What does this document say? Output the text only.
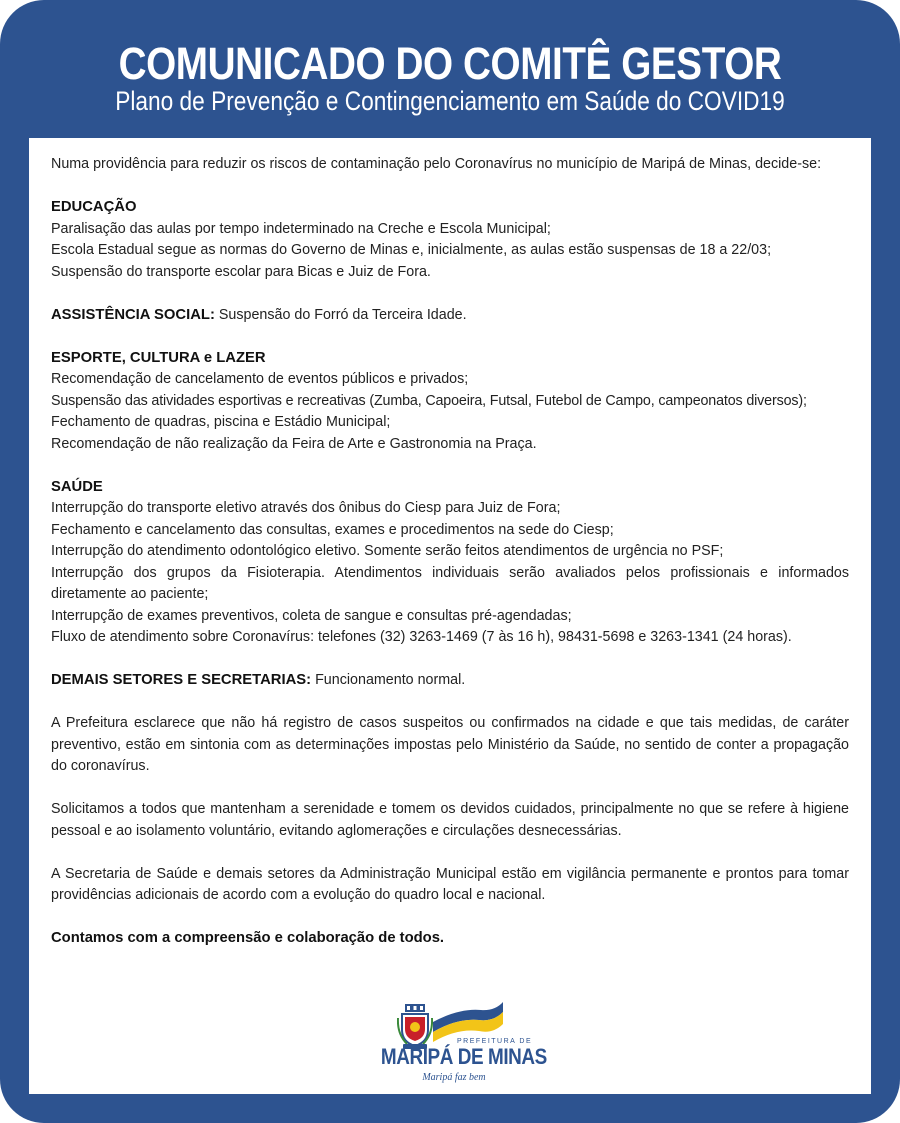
COMUNICADO DO COMITÊ GESTOR
Plano de Prevenção e Contingenciamento em Saúde do COVID19

Numa providência para reduzir os riscos de contaminação pelo Coronavírus no município de Maripá de Minas, decide-se:

EDUCAÇÃO
Paralisação das aulas por tempo indeterminado na Creche e Escola Municipal;
Escola Estadual segue as normas do Governo de Minas e, inicialmente, as aulas estão suspensas de 18 a 22/03;
Suspensão do transporte escolar para Bicas e Juiz de Fora.
ASSISTÊNCIA SOCIAL: Suspensão do Forró da Terceira Idade.
ESPORTE, CULTURA e LAZER
Recomendação de cancelamento de eventos públicos e privados;
Suspensão das atividades esportivas e recreativas (Zumba, Capoeira, Futsal, Futebol de Campo, campeonatos diversos);
Fechamento de quadras, piscina e Estádio Municipal;
Recomendação de não realização da Feira de Arte e Gastronomia na Praça.
SAÚDE
Interrupção do transporte eletivo através dos ônibus do Ciesp para Juiz de Fora;
Fechamento e cancelamento das consultas, exames e procedimentos na sede do Ciesp;
Interrupção do atendimento odontológico eletivo. Somente serão feitos atendimentos de urgência no PSF;

Interrupção dos grupos da Fisioterapia. Atendimentos individuais serão avaliados pelos profissionais e informados diretamente ao paciente;

Interrupção de exames preventivos, coleta de sangue e consultas pré-agendadas;
Fluxo de atendimento sobre Coronavírus: telefones (32) 3263-1469 (7 às 16 h), 98431-5698 e 3263-1341 (24 horas).
DEMAIS SETORES E SECRETARIAS: Funcionamento normal.

A Prefeitura esclarece que não há registro de casos suspeitos ou confirmados na cidade e que tais medidas, de caráter preventivo, estão em sintonia com as determinações impostas pelo Ministério da Saúde, no sentido de conter a propagação do coronavírus.

Solicitamos a todos que mantenham a serenidade e tomem os devidos cuidados, principalmente no que se refere à higiene pessoal e ao isolamento voluntário, evitando aglomerações e circulações desnecessárias.

A Secretaria de Saúde e demais setores da Administração Municipal estão em vigilância permanente e prontos para tomar providências adicionais de acordo com a evolução do quadro local e nacional.

Contamos com a compreensão e colaboração de todos.

PREFEITURA DE
MARIPÁ DE MINAS
Maripá faz bem
